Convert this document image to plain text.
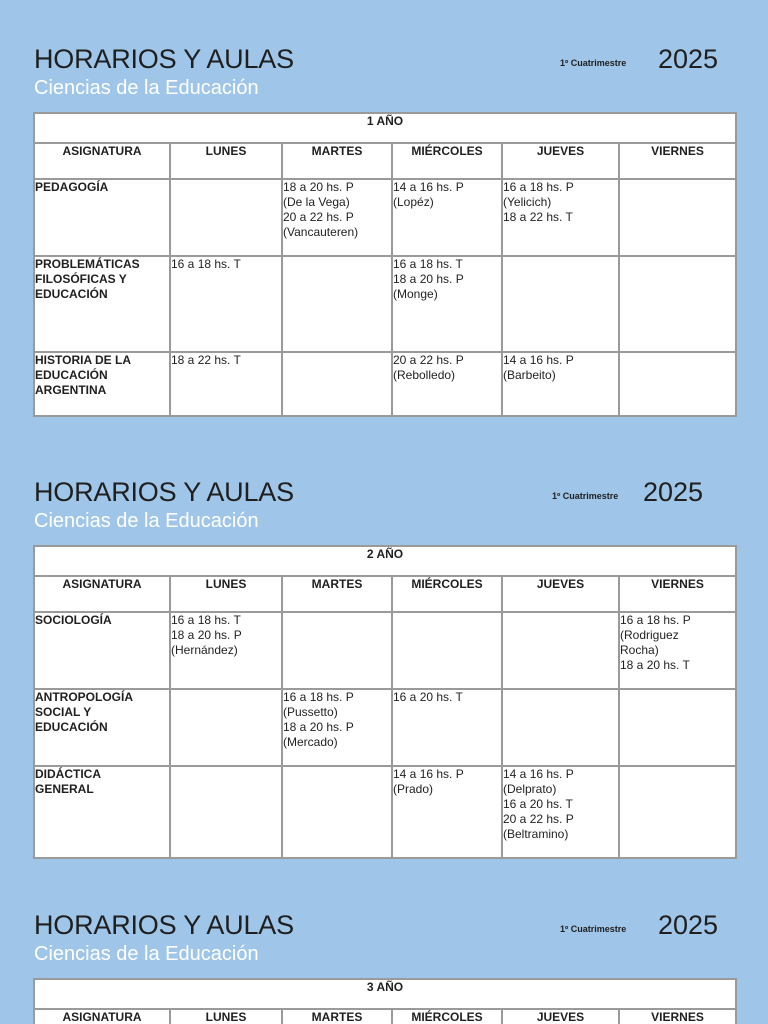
HORARIOS Y AULAS
Ciencias de la Educación
1º Cuatrimestre 2025
1 AÑO					
ASIGNATURA	LUNES	MARTES	MIÉRCOLES	JUEVES	VIERNES
PEDAGOGÍA		18 a 20 hs. P
(De la Vega)
20 a 22 hs. P
(Vancauteren)	14 a 16 hs. P
(Lopéz)	16 a 18 hs. P
(Yelicich)
18 a 22 hs. T	
PROBLEMÁTICAS
FILOSÓFICAS Y
EDUCACIÓN	16 a 18 hs. T		16 a 18 hs. T
18 a 20 hs. P
(Monge)		
HISTORIA DE LA
EDUCACIÓN
ARGENTINA	18 a 22 hs. T		20 a 22 hs. P
(Rebolledo)	14 a 16 hs. P
(Barbeito)	
HORARIOS Y AULAS
Ciencias de la Educación
1º Cuatrimestre 2025
2 AÑO					
ASIGNATURA	LUNES	MARTES	MIÉRCOLES	JUEVES	VIERNES
SOCIOLOGÍA	16 a 18 hs. T
18 a 20 hs. P
(Hernández)				16 a 18 hs. P
(Rodriguez
Rocha)
18 a 20 hs. T
ANTROPOLOGÍA
SOCIAL Y
EDUCACIÓN		16 a 18 hs. P
(Pussetto)
18 a 20 hs. P
(Mercado)	16 a 20 hs. T		
DIDÁCTICA
GENERAL			14 a 16 hs. P
(Prado)	14 a 16 hs. P
(Delprato)
16 a 20 hs. T
20 a 22 hs. P
(Beltramino)	
HORARIOS Y AULAS
Ciencias de la Educación
1º Cuatrimestre 2025
3 AÑO
ASIGNATURA	LUNES	MARTES	MIÉRCOLES	JUEVES	VIERNES
